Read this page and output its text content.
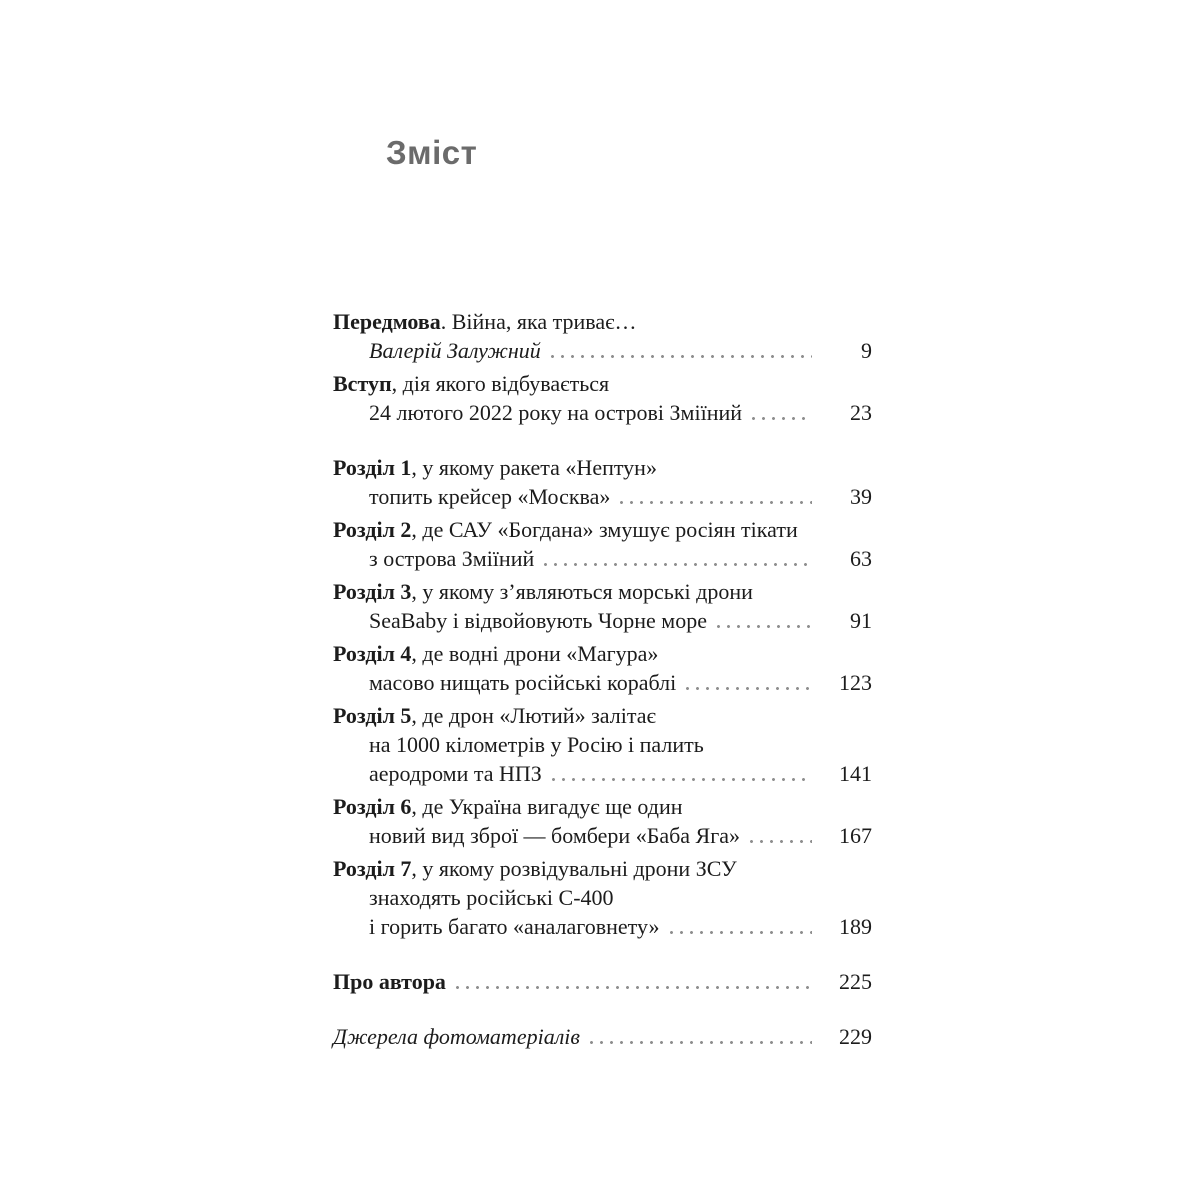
Зміст
Передмова . Війна, яка триває…
Валерій Залужний	9
Вступ , дія якого відбувається
24 лютого 2022 року на острові Зміїний	23
Розділ 1 , у якому ракета «Нептун»
топить крейсер «Москва»	39
Розділ 2 , де САУ «Богдана» змушує росіян тікати
з острова Зміїний	63
Розділ 3 , у якому з’являються морські дрони
SeaBaby і відвойовують Чорне море	91
Розділ 4 , де водні дрони «Магура»
масово нищать російські кораблі	123
Розділ 5 , де дрон «Лютий» залітає
на 1000 кілометрів у Росію і палить
аеродроми та НПЗ	141
Розділ 6 , де Україна вигадує ще один
новий вид зброї — бомбери «Баба Яга»	167
Розділ 7 , у якому розвідувальні дрони ЗСУ
знаходять російські С-400
і горить багато «аналаговнету»	189
Про автора	225
Джерела фотоматеріалів	229
